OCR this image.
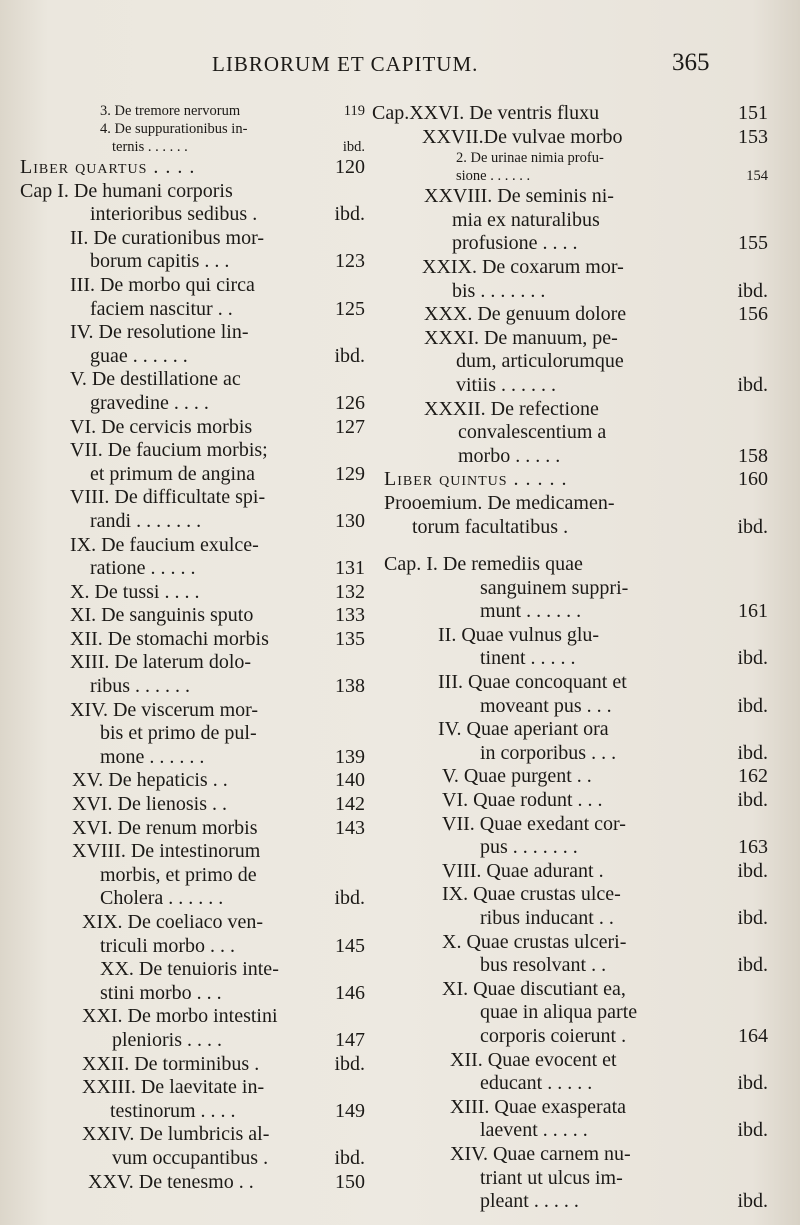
LIBRORUM ET CAPITUM.	365
3. De tremore nervorum	119
4. De suppurationibus in-
ternis . . . . . .	ibd.
Liber quartus . . . .	120
Cap I. De humani corporis
interioribus sedibus .	ibd.
II. De curationibus mor-
borum capitis . . .	123
III. De morbo qui circa
faciem nascitur . .	125
IV. De resolutione lin-
guae . . . . . .	ibd.
V. De destillatione ac
gravedine . . . .	126
VI. De cervicis morbis	127
VII. De faucium morbis;
et primum de angina	129
VIII. De difficultate spi-
randi . . . . . . .	130
IX. De faucium exulce-
ratione . . . . .	131
X. De tussi . . . .	132
XI. De sanguinis sputo	133
XII. De stomachi morbis	135
XIII. De laterum dolo-
ribus . . . . . .	138
XIV. De viscerum mor-
bis et primo de pul-
mone . . . . . .	139
XV. De hepaticis . .	140
XVI. De lienosis . .	142
XVI. De renum morbis	143
XVIII. De intestinorum
morbis, et primo de
Cholera . . . . . .	ibd.
XIX. De coeliaco ven-
triculi morbo . . .	145
XX. De tenuioris inte-
stini morbo . . .	146
XXI. De morbo intestini
plenioris . . . .	147
XXII. De torminibus .	ibd.
XXIII. De laevitate in-
testinorum . . . .	149
XXIV. De lumbricis al-
vum occupantibus .	ibd.
XXV. De tenesmo . .	150
Cap.XXVI. De ventris fluxu	151
XXVII.De vulvae morbo	153
2. De urinae nimia profu-
sione . . . . . .	154
XXVIII. De seminis ni-
mia ex naturalibus
profusione . . . .	155
XXIX. De coxarum mor-
bis . . . . . . .	ibd.
XXX. De genuum dolore	156
XXXI. De manuum, pe-
dum, articulorumque
vitiis . . . . . .	ibd.
XXXII. De refectione
convalescentium a
morbo . . . . .	158
Liber quintus . . . . .	160
Prooemium. De medicamen-
torum facultatibus .	ibd.
Cap. I. De remediis quae
sanguinem suppri-
munt . . . . . .	161
II. Quae vulnus glu-
tinent . . . . .	ibd.
III. Quae concoquant et
moveant pus . . .	ibd.
IV. Quae aperiant ora
in corporibus . . .	ibd.
V. Quae purgent . .	162
VI. Quae rodunt . . .	ibd.
VII. Quae exedant cor-
pus . . . . . . .	163
VIII. Quae adurant .	ibd.
IX. Quae crustas ulce-
ribus inducant . .	ibd.
X. Quae crustas ulceri-
bus resolvant . .	ibd.
XI. Quae discutiant ea,
quae in aliqua parte
corporis coierunt .	164
XII. Quae evocent et
educant . . . . .	ibd.
XIII. Quae exasperata
laevent . . . . .	ibd.
XIV. Quae carnem nu-
triant ut ulcus im-
pleant . . . . .	ibd.
